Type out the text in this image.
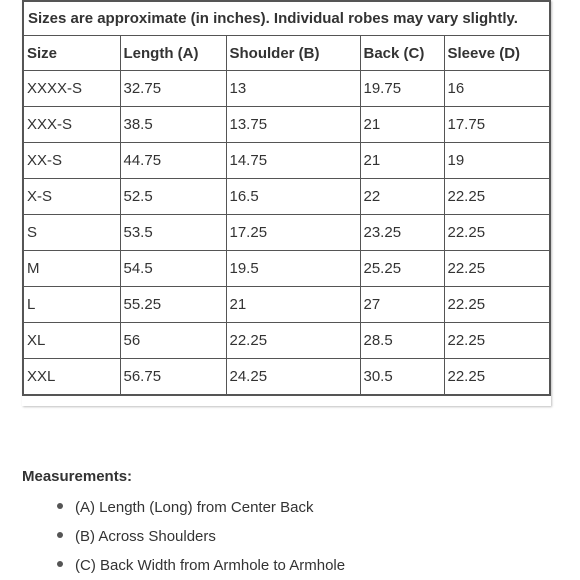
Sizes are approximate (in inches). Individual robes may vary slightly.				
Size	Length (A)	Shoulder (B)	Back (C)	Sleeve (D)
XXXX-S	32.75	13	19.75	16
XXX-S	38.5	13.75	21	17.75
XX-S	44.75	14.75	21	19
X-S	52.5	16.5	22	22.25
S	53.5	17.25	23.25	22.25
M	54.5	19.5	25.25	22.25
L	55.25	21	27	22.25
XL	56	22.25	28.5	22.25
XXL	56.75	24.25	30.5	22.25
Measurements:
(A) Length (Long) from Center Back
(B) Across Shoulders
(C) Back Width from Armhole to Armhole
